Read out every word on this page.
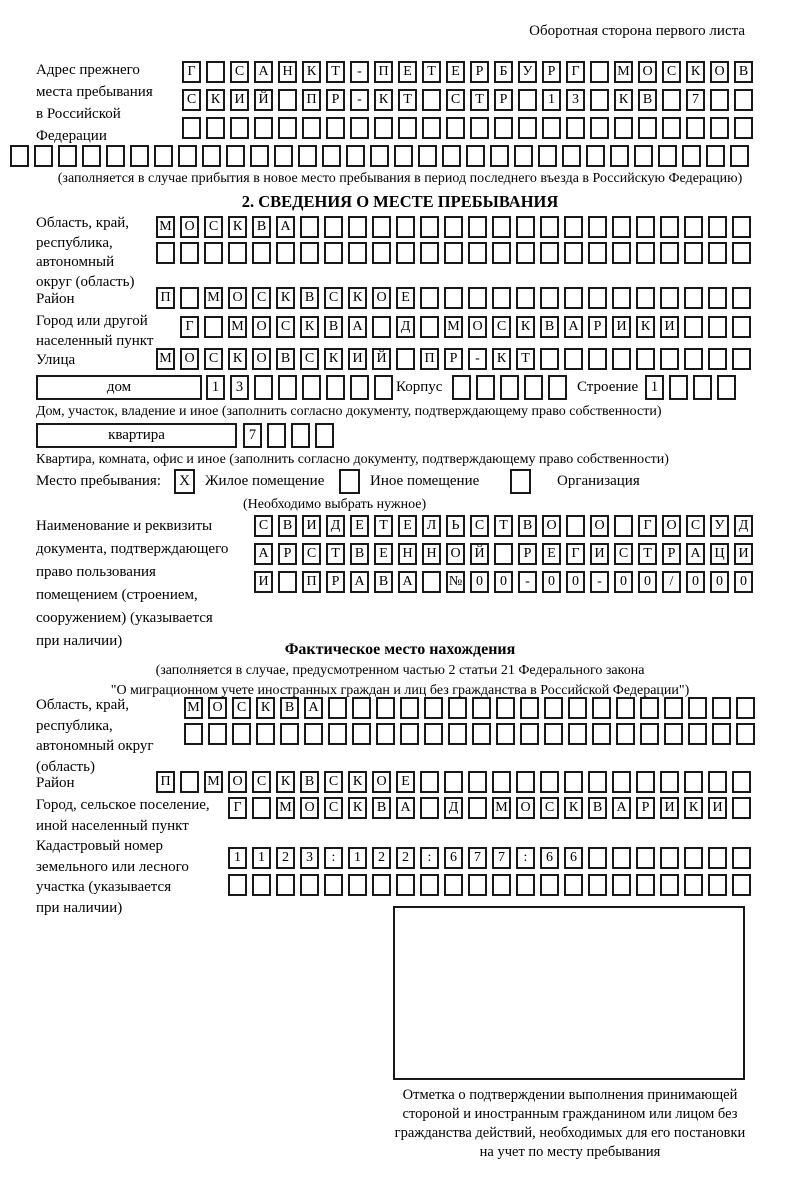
Оборотная сторона первого листа
Адрес прежнего
места пребывания
в Российской
Федерации
Г	С А Н К Т - П Е Т Е Р Б У Р Г	М О С К О В
С К И Й	П Р - К Т	С Т Р	1 3	К В	7
(заполняется в случае прибытия в новое место пребывания в период последнего въезда в Российскую Федерацию)
2. СВЕДЕНИЯ О МЕСТЕ ПРЕБЫВАНИЯ
Область, край,
республика,
автономный
округ (область)
М О С К В А
Район	П	М О С К В С К О Е
Город или другой
населенный пункт
Г	М О С К В А	Д	М О С К В А Р И К И
Улица	М О С К О В С К И Й	П Р - К Т
дом	1 3	Корпус	Строение 1
Дом, участок, владение и иное (заполнить согласно документу, подтверждающему право собственности)
квартира	7
Квартира, комната, офис и иное (заполнить согласно документу, подтверждающему право собственности)
Место пребывания:	X	Жилое помещение	Иное помещение	Организация
(Необходимо выбрать нужное)
Наименование и реквизиты
документа, подтверждающего
право пользования
помещением (строением,
сооружением) (указывается
при наличии)
С В И Д Е Т Е Л Ь С Т В О	О	Г О С У Д
А Р С Т В Е Н Н О Й	Р Е Г И С Т Р А Ц И
И	П Р А В А	№ 0 0 - 0 0 - 0 0 / 0 0 0
Фактическое место нахождения
(заполняется в случае, предусмотренном частью 2 статьи 21 Федерального закона
"О миграционном учете иностранных граждан и лиц без гражданства в Российской Федерации")
Область, край,
республика,
автономный округ
(область)
М О С К В А
Район	П	М О С К В С К О Е
Город, сельское поселение,
иной населенный пункт
Г	М О С К В А	Д	М О С К В А Р И К И
Кадастровый номер
земельного или лесного
участка (указывается
при наличии)
1 1 2 3 : 1 2 2 : 6 7 7 : 6 6
Отметка о подтверждении выполнения принимающей
стороной и иностранным гражданином или лицом без
гражданства действий, необходимых для его постановки
на учет по месту пребывания
